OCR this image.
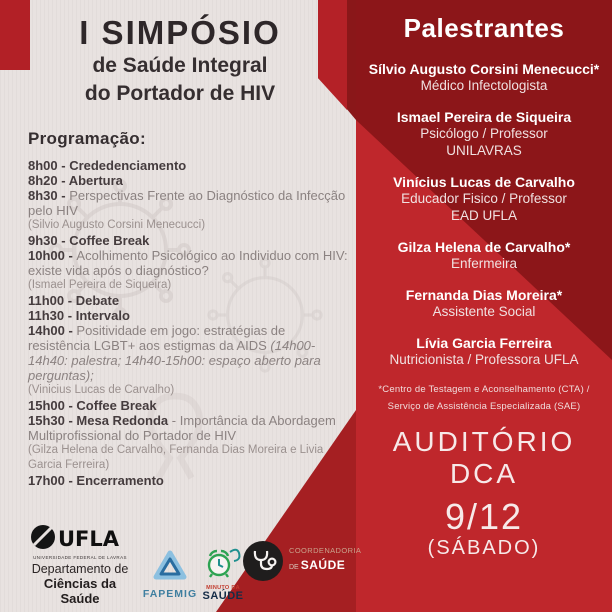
I SIMPÓSIO
de Saúde Integral
do Portador de HIV
Programação:
8h00 - Crededenciamento
8h20 - Abertura
8h30 - Perspectivas Frente ao Diagnóstico da Infecção pelo HIV
(Silvio Augusto Corsini Menecucci)
9h30 - Coffee Break
10h00 - Acolhimento Psicológico ao Individuo com HIV: existe vida após o diagnóstico?
(Ismael Pereira de Siqueira)
11h00 - Debate
11h30 - Intervalo
14h00 - Positividade em jogo: estratégias de resistência LGBT+ aos estigmas da AIDS (14h00-14h40: palestra; 14h40-15h00: espaço aberto para perguntas);
(Vinicius Lucas de Carvalho)
15h00 - Coffee Break
15h30 - Mesa Redonda - Importância da Abordagem Multiprofissional do Portador de HIV
(Gilza Helena de Carvalho, Fernanda Dias Moreira e Livia Garcia Ferreira)
17h00 - Encerramento
UFLA
UNIVERSIDADE FEDERAL DE LAVRAS
Departamento de
Ciências da Saúde	FAPEMIG	MINUTO DA
SAÚDE
COORDENADORIA
DE SAÚDE
Palestrantes
Sílvio Augusto Corsini Menecucci*
Médico Infectologista
Ismael Pereira de Siqueira
Psicólogo / Professor
UNILAVRAS
Vinícius Lucas de Carvalho
Educador Fisico / Professor
EAD UFLA
Gilza Helena de Carvalho*
Enfermeira
Fernanda Dias Moreira*
Assistente Social
Lívia Garcia Ferreira
Nutricionista / Professora UFLA
*Centro de Testagem e Aconselhamento (CTA) /
Serviço de Assistência Especializada (SAE)
AUDITÓRIO
DCA
9/12
(SÁBADO)
